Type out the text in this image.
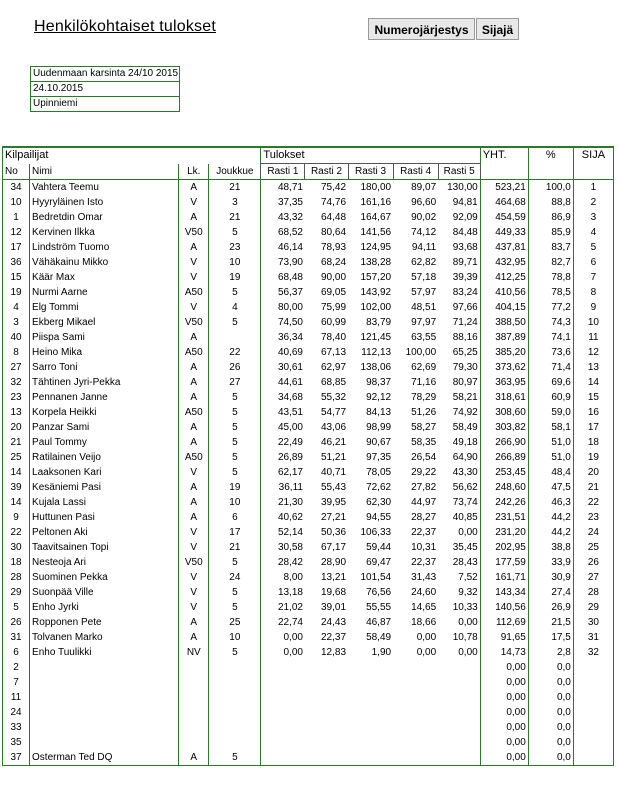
Henkilökohtaiset tulokset	Numerojärjestys	Sijajä
Uudenmaan karsinta 24/10 2015
24.10.2015
Upinniemi
Kilpailijat				Tulokset					YHT.	%	SIJA
No	Nimi	Lk.	Joukkue	Rasti 1	Rasti 2	Rasti 3	Rasti 4	Rasti 5			
34	Vahtera Teemu	A	21	48,71	75,42	180,00	89,07	130,00	523,21	100,0	1
10	Hyyryläinen Isto	V	3	37,35	74,76	161,16	96,60	94,81	464,68	88,8	2
1	Bedretdin Omar	A	21	43,32	64,48	164,67	90,02	92,09	454,59	86,9	3
12	Kervinen Ilkka	V50	5	68,52	80,64	141,56	74,12	84,48	449,33	85,9	4
17	Lindström Tuomo	A	23	46,14	78,93	124,95	94,11	93,68	437,81	83,7	5
36	Vähäkainu Mikko	V	10	73,90	68,24	138,28	62,82	89,71	432,95	82,7	6
15	Käär Max	V	19	68,48	90,00	157,20	57,18	39,39	412,25	78,8	7
19	Nurmi Aarne	A50	5	56,37	69,05	143,92	57,97	83,24	410,56	78,5	8
4	Elg Tommi	V	4	80,00	75,99	102,00	48,51	97,66	404,15	77,2	9
3	Ekberg Mikael	V50	5	74,50	60,99	83,79	97,97	71,24	388,50	74,3	10
40	Piispa Sami	A		36,34	78,40	121,45	63,55	88,16	387,89	74,1	11
8	Heino Mika	A50	22	40,69	67,13	112,13	100,00	65,25	385,20	73,6	12
27	Sarro Toni	A	26	30,61	62,97	138,06	62,69	79,30	373,62	71,4	13
32	Tähtinen Jyri-Pekka	A	27	44,61	68,85	98,37	71,16	80,97	363,95	69,6	14
23	Pennanen Janne	A	5	34,68	55,32	92,12	78,29	58,21	318,61	60,9	15
13	Korpela Heikki	A50	5	43,51	54,77	84,13	51,26	74,92	308,60	59,0	16
20	Panzar Sami	A	5	45,00	43,06	98,99	58,27	58,49	303,82	58,1	17
21	Paul Tommy	A	5	22,49	46,21	90,67	58,35	49,18	266,90	51,0	18
25	Ratilainen Veijo	A50	5	26,89	51,21	97,35	26,54	64,90	266,89	51,0	19
14	Laaksonen Kari	V	5	62,17	40,71	78,05	29,22	43,30	253,45	48,4	20
39	Kesäniemi Pasi	A	19	36,11	55,43	72,62	27,82	56,62	248,60	47,5	21
14	Kujala Lassi	A	10	21,30	39,95	62,30	44,97	73,74	242,26	46,3	22
9	Huttunen Pasi	A	6	40,62	27,21	94,55	28,27	40,85	231,51	44,2	23
22	Peltonen Aki	V	17	52,14	50,36	106,33	22,37	0,00	231,20	44,2	24
30	Taavitsainen Topi	V	21	30,58	67,17	59,44	10,31	35,45	202,95	38,8	25
18	Nesteoja Ari	V50	5	28,42	28,90	69,47	22,37	28,43	177,59	33,9	26
28	Suominen Pekka	V	24	8,00	13,21	101,54	31,43	7,52	161,71	30,9	27
29	Suonpää Ville	V	5	13,18	19,68	76,56	24,60	9,32	143,34	27,4	28
5	Enho Jyrki	V	5	21,02	39,01	55,55	14,65	10,33	140,56	26,9	29
26	Ropponen Pete	A	25	22,74	24,43	46,87	18,66	0,00	112,69	21,5	30
31	Tolvanen Marko	A	10	0,00	22,37	58,49	0,00	10,78	91,65	17,5	31
6	Enho Tuulikki	NV	5	0,00	12,83	1,90	0,00	0,00	14,73	2,8	32
2									0,00	0,0	
7									0,00	0,0	
11									0,00	0,0	
24									0,00	0,0	
33									0,00	0,0	
35									0,00	0,0	
37	Osterman Ted DQ	A	5						0,00	0,0	
